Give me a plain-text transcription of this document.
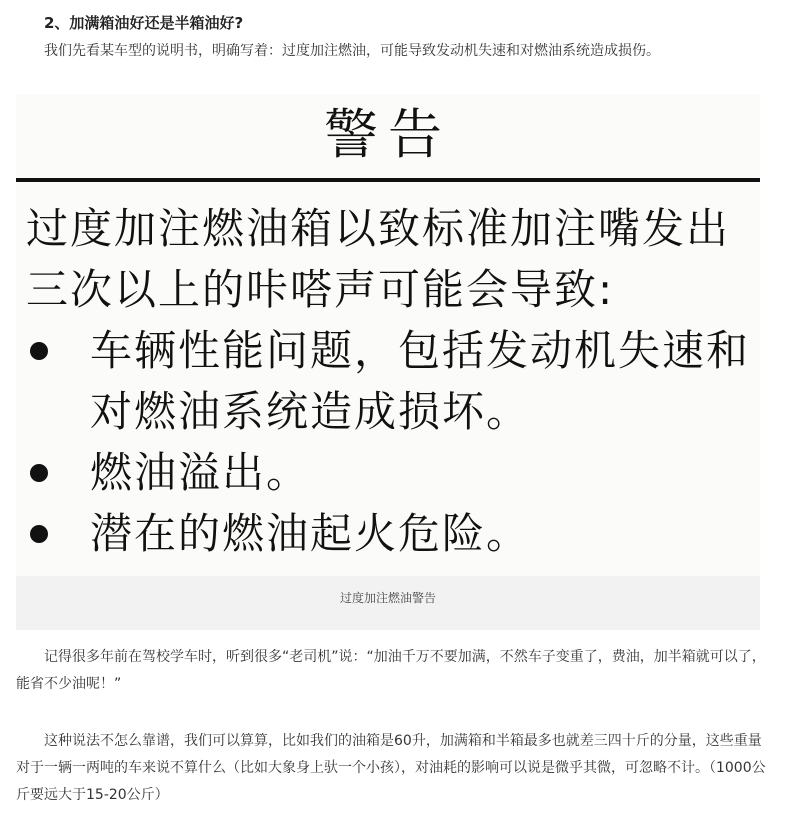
2、加满箱油好还是半箱油好?
我们先看某车型的说明书，明确写着：过度加注燃油，可能导致发动机失速和对燃油系统造成损伤。
警告
过度加注燃油箱以致标准加注嘴发出三次以上的咔嗒声可能会导致:
车辆性能问题，包括发动机失速和对燃油系统造成损坏。
燃油溢出。
潜在的燃油起火危险。
过度加注燃油警告
记得很多年前在驾校学车时，听到很多“老司机”说：“加油千万不要加满，不然车子变重了，费油，加半箱就可以了，能省不少油呢！”
这种说法不怎么靠谱，我们可以算算，比如我们的油箱是60升，加满箱和半箱最多也就差三四十斤的分量，这些重量对于一辆一两吨的车来说不算什么（比如大象身上驮一个小孩），对油耗的影响可以说是微乎其微，可忽略不计。（1000公斤要远大于15-20公斤）
